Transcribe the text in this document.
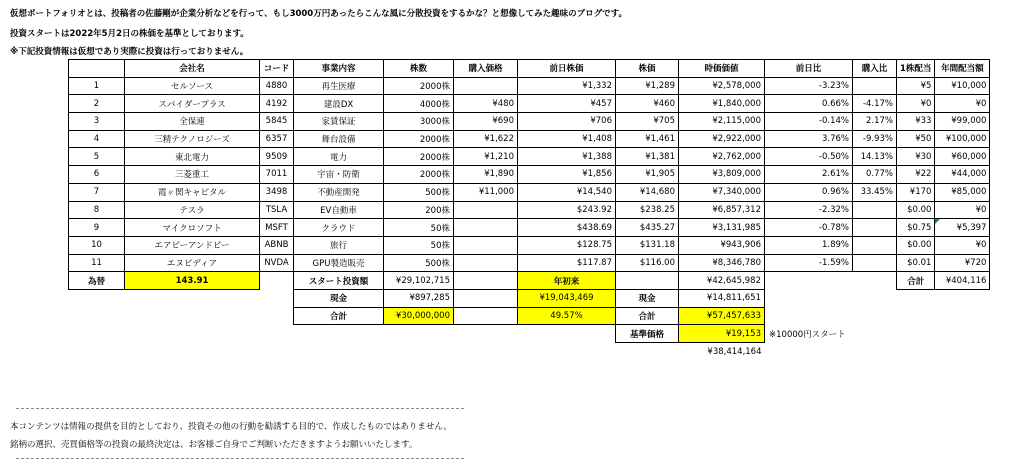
仮想ポートフォリオとは、投稿者の佐藤剛が企業分析などを行って、もし3000万円あったらこんな風に分散投資をするかな？と想像してみた趣味のブログです。
投資スタートは2022年5月2日の株価を基準としております。
※下記投資情報は仮想であり実際に投資は行っておりません。
	会社名	コード	事業内容	株数	購入価格	前日株価	株価	時価価値	前日比	購入比	1株配当	年間配当額
1	セルソース	4880	再生医療	2000株		¥1,332	¥1,289	¥2,578,000	-3.23%		¥5	¥10,000
2	スパイダープラス	4192	建設DX	4000株	¥480	¥457	¥460	¥1,840,000	0.66%	-4.17%	¥0	¥0
3	全保連	5845	家賃保証	3000株	¥690	¥706	¥705	¥2,115,000	-0.14%	2.17%	¥33	¥99,000
4	三精テクノロジーズ	6357	舞台設備	2000株	¥1,622	¥1,408	¥1,461	¥2,922,000	3.76%	-9.93%	¥50	¥100,000
5	東北電力	9509	電力	2000株	¥1,210	¥1,388	¥1,381	¥2,762,000	-0.50%	14.13%	¥30	¥60,000
6	三菱重工	7011	宇宙・防衛	2000株	¥1,890	¥1,856	¥1,905	¥3,809,000	2.61%	0.77%	¥22	¥44,000
7	霞ヶ関キャピタル	3498	不動産開発	500株	¥11,000	¥14,540	¥14,680	¥7,340,000	0.96%	33.45%	¥170	¥85,000
8	テスラ	TSLA	EV自動車	200株		$243.92	$238.25	¥6,857,312	-2.32%		$0.00	¥0
9	マイクロソフト	MSFT	クラウド	50株		$438.69	$435.27	¥3,131,985	-0.78%		$0.75	¥5,397
10	エアビーアンドビー	ABNB	旅行	50株		$128.75	$131.18	¥943,906	1.89%		$0.00	¥0
11	エヌビディア	NVDA	GPU製造販売	500株		$117.87	$116.00	¥8,346,780	-1.59%		$0.01	¥720
為替	143.91		スタート投資額	¥29,102,715		年初来		¥42,645,982			合計	¥404,116
			現金	¥897,285		¥19,043,469	現金	¥14,811,651				
			合計	¥30,000,000		49.57%	合計	¥57,457,633				
							基準価格	¥19,153	※10000円スタート			
								¥38,414,164				
本コンテンツは情報の提供を目的としており、投資その他の行動を勧誘する目的で、作成したものではありません。
銘柄の選択、売買価格等の投資の最終決定は、お客様ご自身でご判断いただきますようお願いいたします。
